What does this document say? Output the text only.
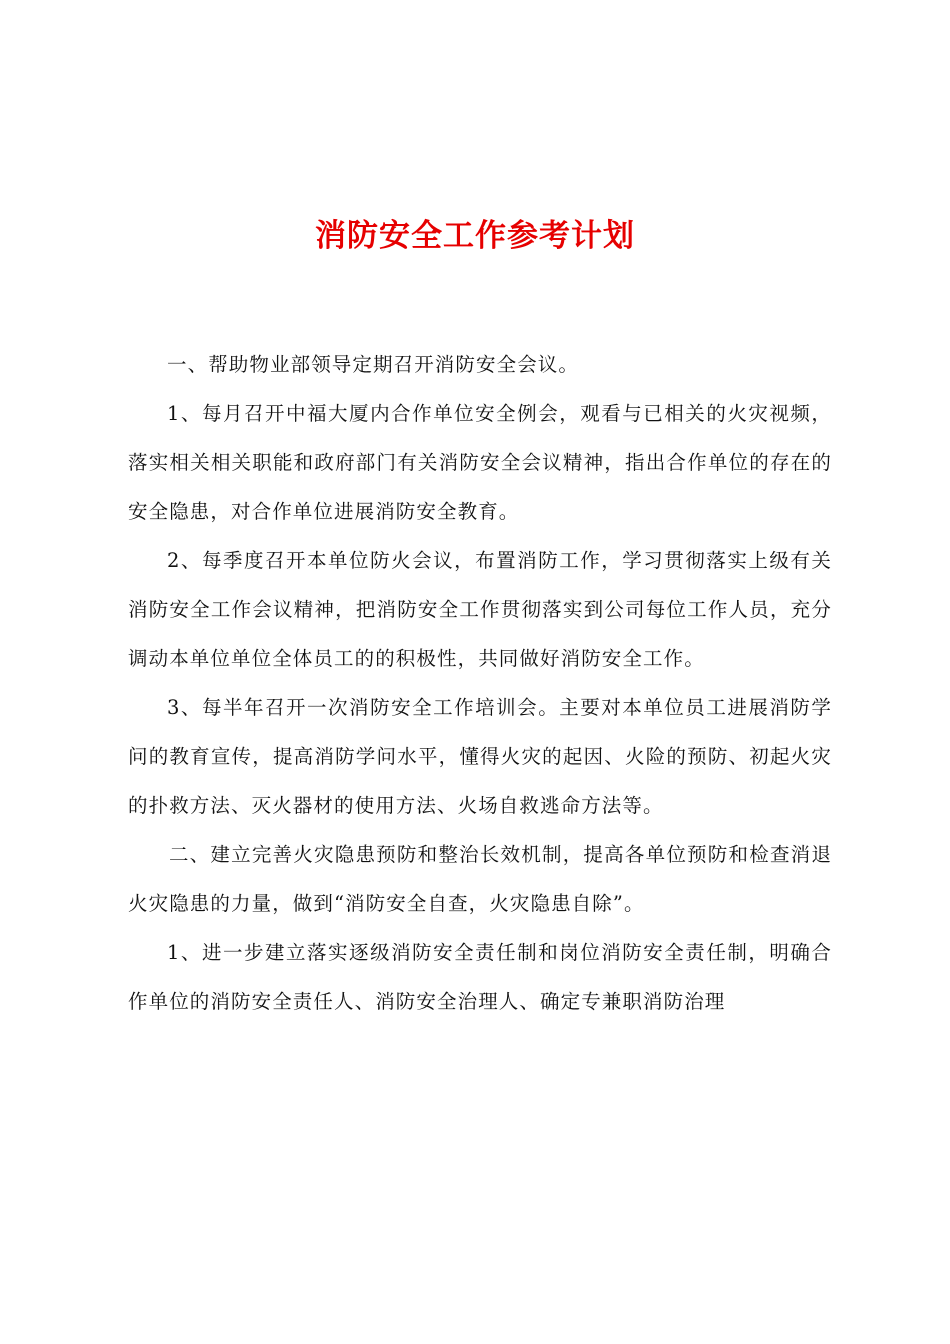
消防安全工作参考计划

一、帮助物业部领导定期召开消防安全会议。

1、每月召开中福大厦内合作单位安全例会，观看与已相关的火灾视频，落实相关相关职能和政府部门有关消防安全会议精神，指出合作单位的存在的安全隐患，对合作单位进展消防安全教育。

2、每季度召开本单位防火会议，布置消防工作，学习贯彻落实上级有关消防安全工作会议精神，把消防安全工作贯彻落实到公司每位工作人员，充分调动本单位单位全体员工的的积极性，共同做好消防安全工作。

3、每半年召开一次消防安全工作培训会。主要对本单位员工进展消防学问的教育宣传，提高消防学问水平，懂得火灾的起因、火险的预防、初起火灾的扑救方法、灭火器材的使用方法、火场自救逃命方法等。

二、建立完善火灾隐患预防和整治长效机制，提高各单位预防和检查消退火灾隐患的力量，做到“消防安全自查，火灾隐患自除”。

1、进一步建立落实逐级消防安全责任制和岗位消防安全责任制，明确合作单位的消防安全责任人、消防安全治理人、确定专兼职消防治理
